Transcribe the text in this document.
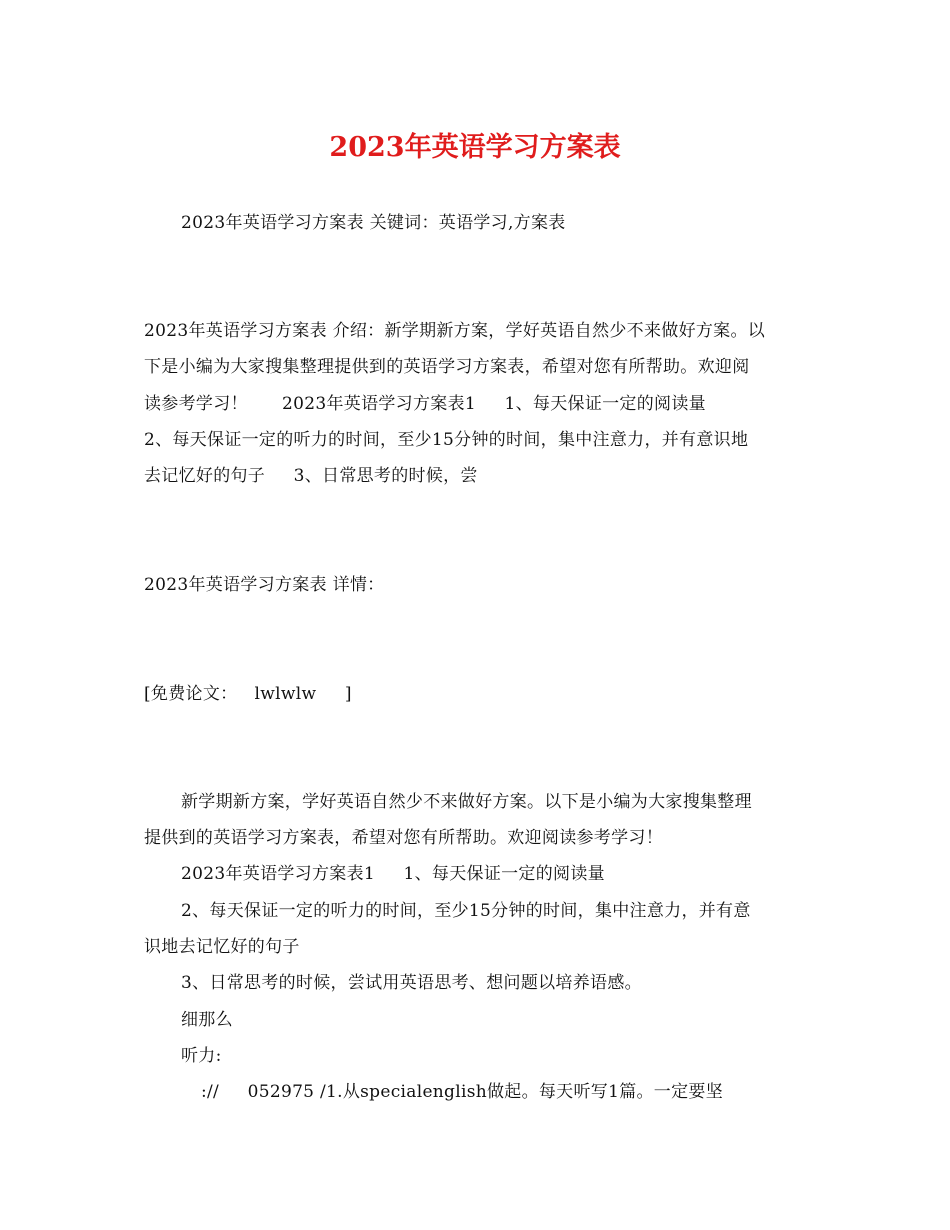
2023年英语学习方案表

2023年英语学习方案表 关键词：英语学习,方案表

2023年英语学习方案表 介绍：新学期新方案，学好英语自然少不来做好方案。以

下是小编为大家搜集整理提供到的英语学习方案表，希望对您有所帮助。欢迎阅

读参考学习！      2023年英语学习方案表1     1、每天保证一定的阅读量

2、每天保证一定的听力的时间，至少15分钟的时间，集中注意力，并有意识地

去记忆好的句子     3、日常思考的时候，尝

2023年英语学习方案表 详情：

[免费论文：   lwlwlw     ]

新学期新方案，学好英语自然少不来做好方案。以下是小编为大家搜集整理

提供到的英语学习方案表，希望对您有所帮助。欢迎阅读参考学习！

2023年英语学习方案表1     1、每天保证一定的阅读量

2、每天保证一定的听力的时间，至少15分钟的时间，集中注意力，并有意

识地去记忆好的句子

3、日常思考的时候，尝试用英语思考、想问题以培养语感。

细那么

听力:

://     052975 /1.从specialenglish做起。每天听写1篇。一定要坚
